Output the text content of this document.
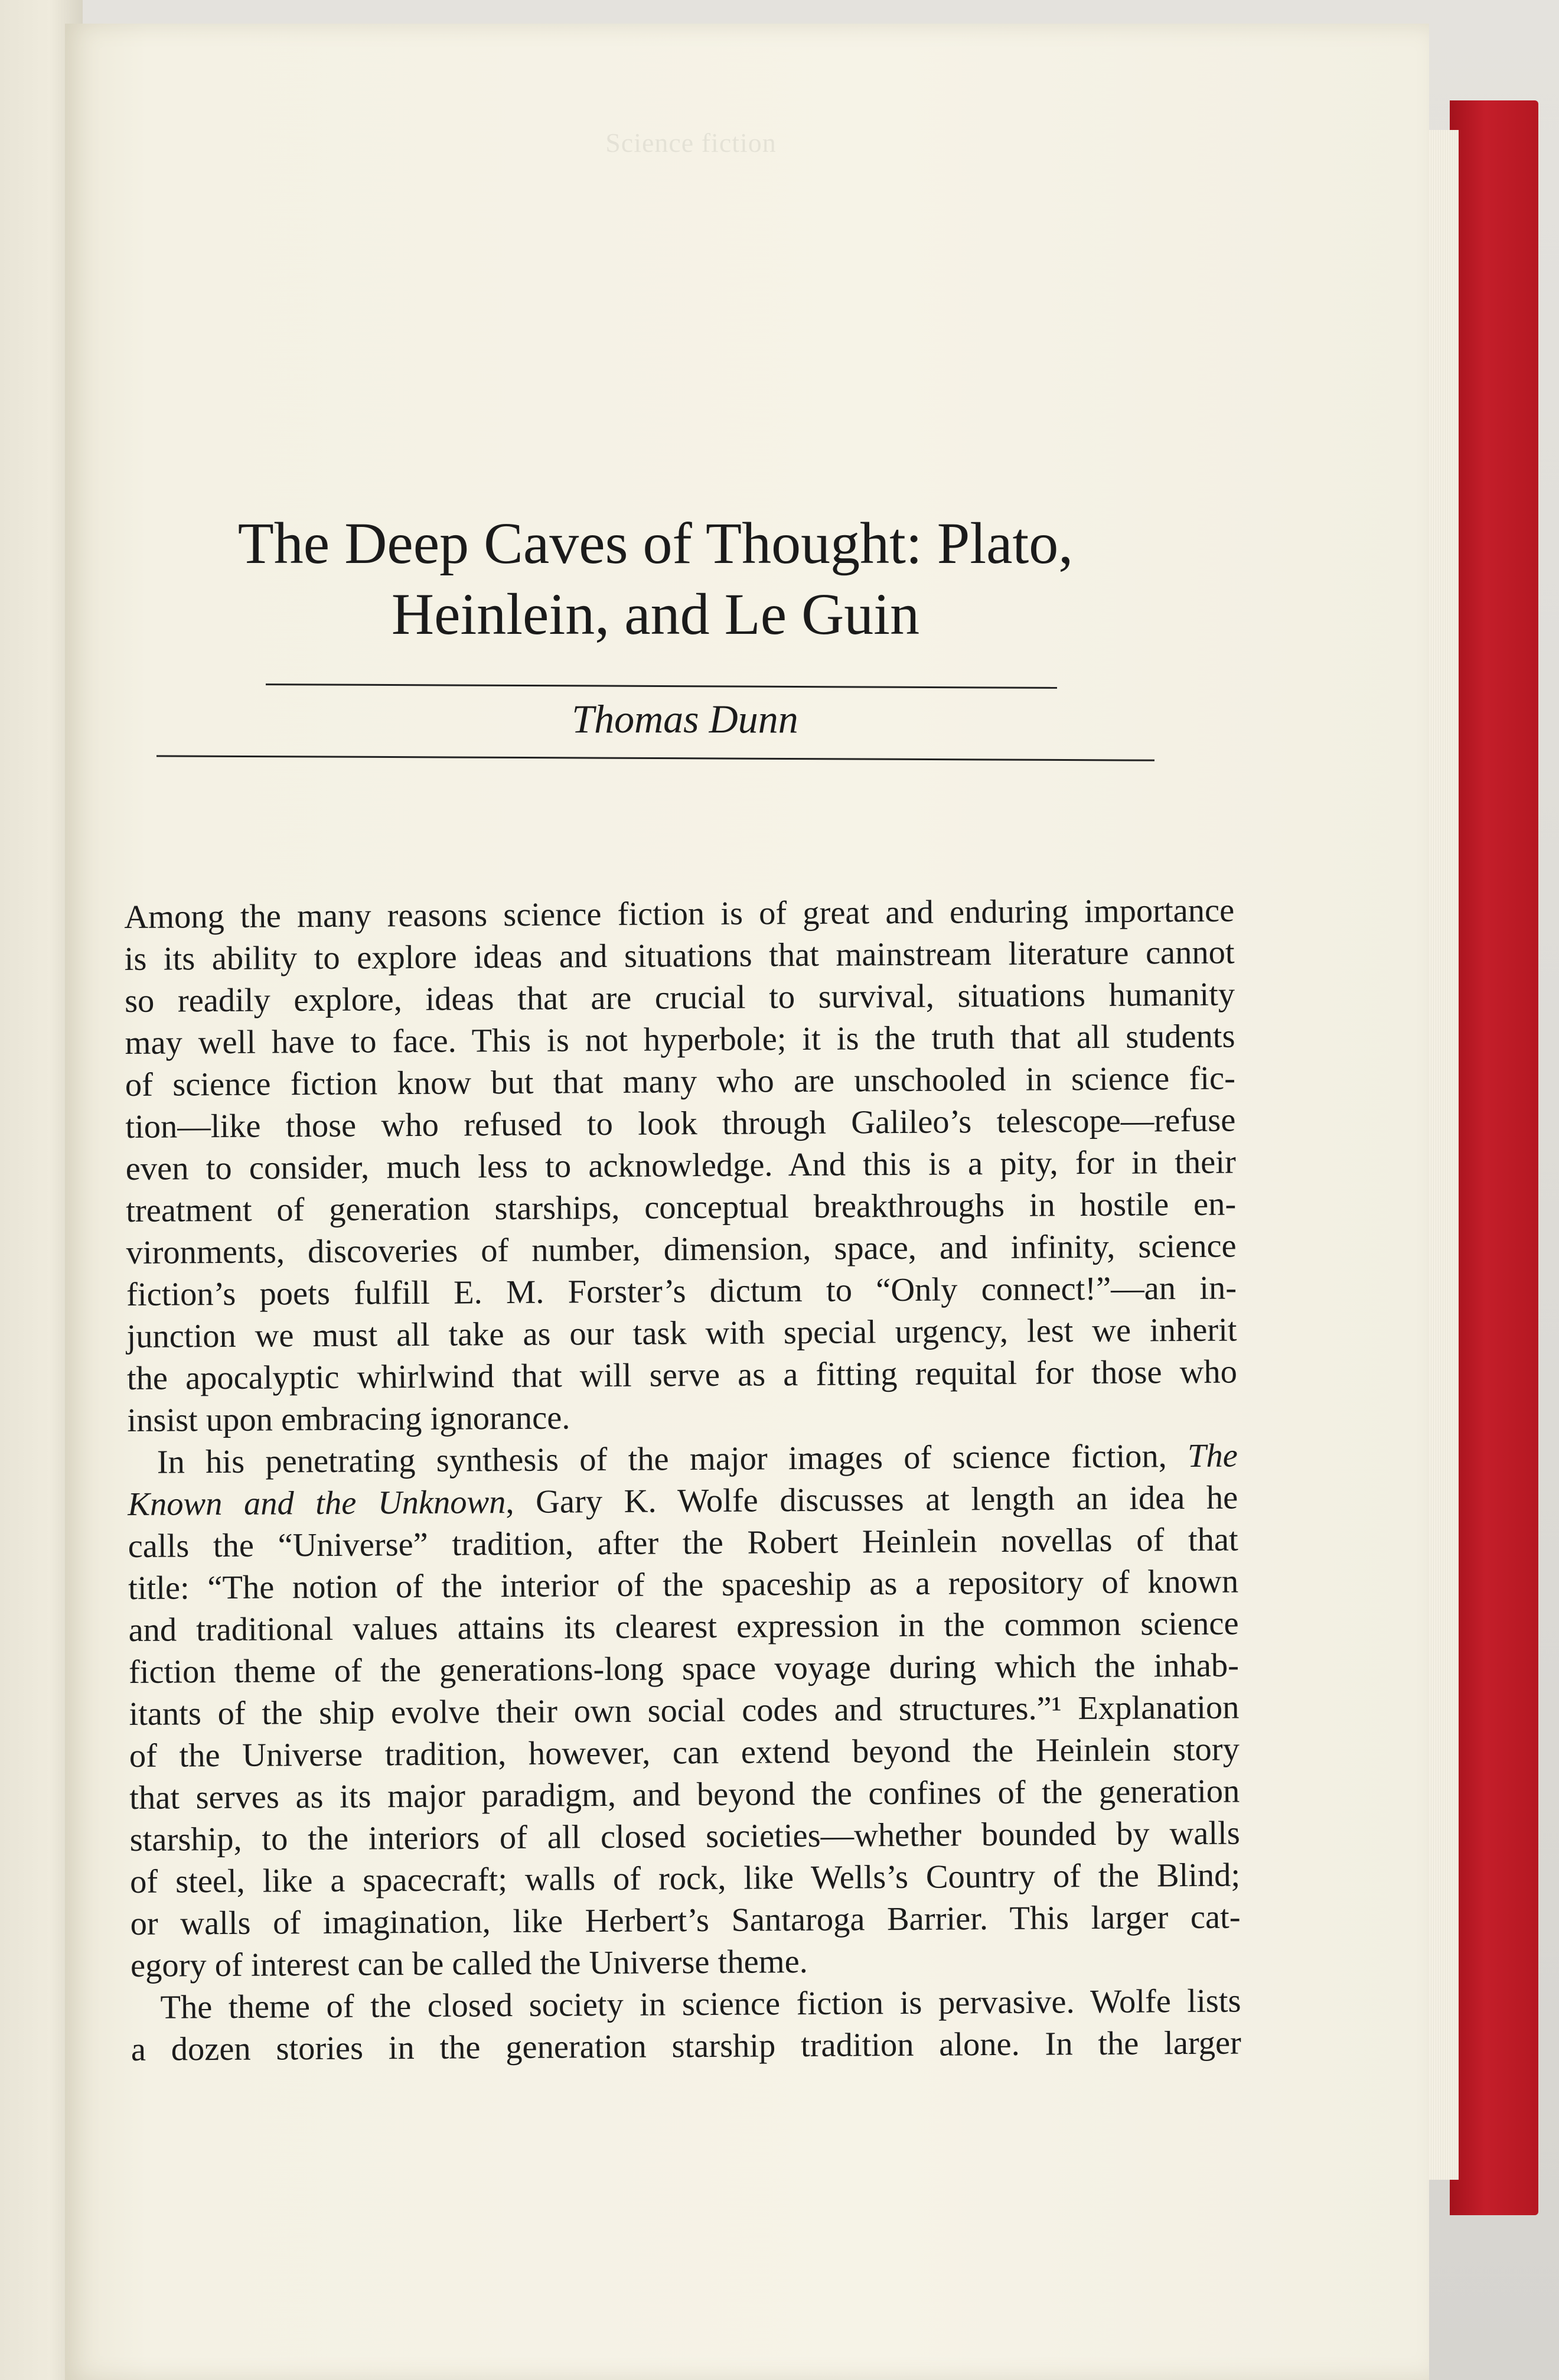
Science fiction
The Deep Caves of Thought: Plato,
Heinlein, and Le Guin
Thomas Dunn
Among the many reasons science fiction is of great and enduring importance
is its ability to explore ideas and situations that mainstream literature cannot
so readily explore, ideas that are crucial to survival, situations humanity
may well have to face. This is not hyperbole; it is the truth that all students
of science fiction know but that many who are unschooled in science fic-
tion—like those who refused to look through Galileo’s telescope—refuse
even to consider, much less to acknowledge. And this is a pity, for in their
treatment of generation starships, conceptual breakthroughs in hostile en-
vironments, discoveries of number, dimension, space, and infinity, science
fiction’s poets fulfill E. M. Forster’s dictum to “Only connect!”—an in-
junction we must all take as our task with special urgency, lest we inherit
the apocalyptic whirlwind that will serve as a fitting requital for those who
insist upon embracing ignorance.
In his penetrating synthesis of the major images of science fiction, The
Known and the Unknown, Gary K. Wolfe discusses at length an idea he
calls the “Universe” tradition, after the Robert Heinlein novellas of that
title: “The notion of the interior of the spaceship as a repository of known
and traditional values attains its clearest expression in the common science
fiction theme of the generations-long space voyage during which the inhab-
itants of the ship evolve their own social codes and structures.”¹ Explanation
of the Universe tradition, however, can extend beyond the Heinlein story
that serves as its major paradigm, and beyond the confines of the generation
starship, to the interiors of all closed societies—whether bounded by walls
of steel, like a spacecraft; walls of rock, like Wells’s Country of the Blind;
or walls of imagination, like Herbert’s Santaroga Barrier. This larger cat-
egory of interest can be called the Universe theme.
The theme of the closed society in science fiction is pervasive. Wolfe lists
a dozen stories in the generation starship tradition alone. In the larger
